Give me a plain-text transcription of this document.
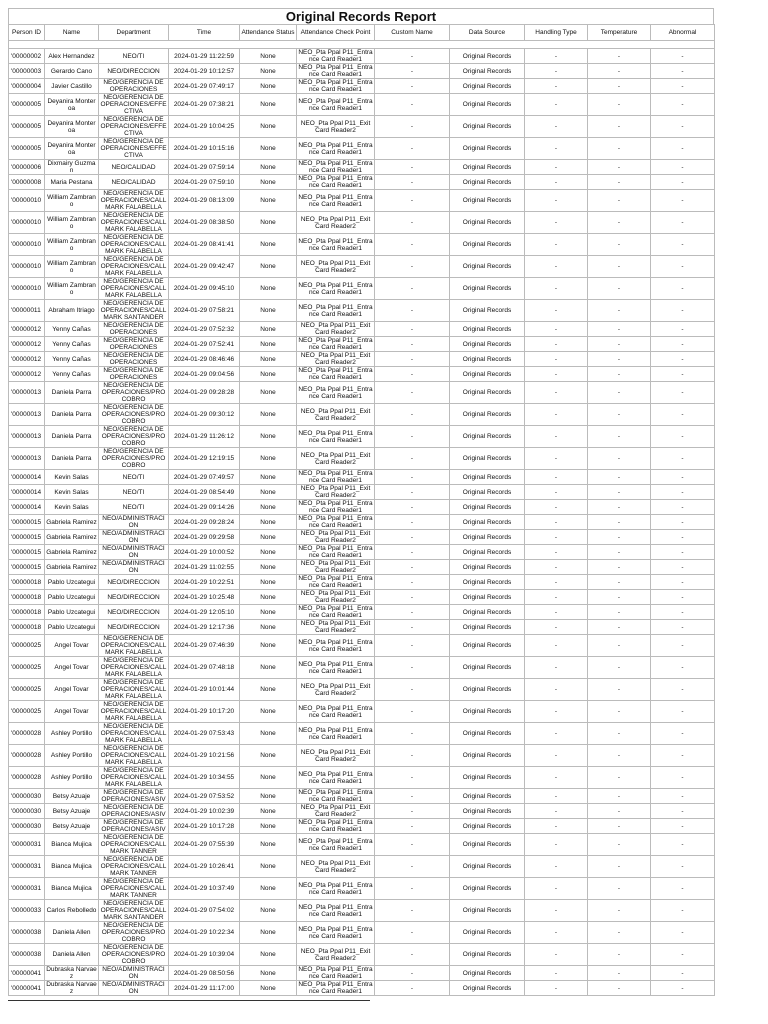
Original Records Report
Person ID	Name	Department	Time	Attendance Status	Attendance Check Point	Custom Name	Data Source	Handling Type	Temperature	Abnormal

'00000002	Alex Hernandez	NEO/TI	2024-01-29 11:22:59	None	NEO_Pta Ppal P11_Entrance Card Reader1	-	Original Records	-	-	-
'00000003	Gerardo Cano	NEO/DIRECCION	2024-01-29 10:12:57	None	NEO_Pta Ppal P11_Entrance Card Reader1	-	Original Records	-	-	-
'00000004	Javier Castillo	NEO/GERENCIA DE OPERACIONES	2024-01-29 07:49:17	None	NEO_Pta Ppal P11_Entrance Card Reader1	-	Original Records	-	-	-
'00000005	Deyanira Monteroa	NEO/GERENCIA DE OPERACIONES/EFFECTIVA	2024-01-29 07:38:21	None	NEO_Pta Ppal P11_Entrance Card Reader1	-	Original Records	-	-	-
'00000005	Deyanira Monteroa	NEO/GERENCIA DE OPERACIONES/EFFECTIVA	2024-01-29 10:04:25	None	NEO_Pta Ppal P11_Exit Card Reader2	-	Original Records	-	-	-
'00000005	Deyanira Monteroa	NEO/GERENCIA DE OPERACIONES/EFFECTIVA	2024-01-29 10:15:16	None	NEO_Pta Ppal P11_Entrance Card Reader1	-	Original Records	-	-	-
'00000006	Dixmairy Guzman	NEO/CALIDAD	2024-01-29 07:59:14	None	NEO_Pta Ppal P11_Entrance Card Reader1	-	Original Records	-	-	-
'00000008	Maria Pestana	NEO/CALIDAD	2024-01-29 07:59:10	None	NEO_Pta Ppal P11_Entrance Card Reader1	-	Original Records	-	-	-
'00000010	William Zambrano	NEO/GERENCIA DE OPERACIONES/CALLMARK FALABELLA	2024-01-29 08:13:09	None	NEO_Pta Ppal P11_Entrance Card Reader1	-	Original Records	-	-	-
'00000010	William Zambrano	NEO/GERENCIA DE OPERACIONES/CALLMARK FALABELLA	2024-01-29 08:38:50	None	NEO_Pta Ppal P11_Exit Card Reader2	-	Original Records	-	-	-
'00000010	William Zambrano	NEO/GERENCIA DE OPERACIONES/CALLMARK FALABELLA	2024-01-29 08:41:41	None	NEO_Pta Ppal P11_Entrance Card Reader1	-	Original Records	-	-	-
'00000010	William Zambrano	NEO/GERENCIA DE OPERACIONES/CALLMARK FALABELLA	2024-01-29 09:42:47	None	NEO_Pta Ppal P11_Exit Card Reader2	-	Original Records	-	-	-
'00000010	William Zambrano	NEO/GERENCIA DE OPERACIONES/CALLMARK FALABELLA	2024-01-29 09:45:10	None	NEO_Pta Ppal P11_Entrance Card Reader1	-	Original Records	-	-	-
'00000011	Abraham Itriago	NEO/GERENCIA DE OPERACIONES/CALLMARK SANTANDER	2024-01-29 07:58:21	None	NEO_Pta Ppal P11_Entrance Card Reader1	-	Original Records	-	-	-
'00000012	Yenny Cañas	NEO/GERENCIA DE OPERACIONES	2024-01-29 07:52:32	None	NEO_Pta Ppal P11_Exit Card Reader2	-	Original Records	-	-	-
'00000012	Yenny Cañas	NEO/GERENCIA DE OPERACIONES	2024-01-29 07:52:41	None	NEO_Pta Ppal P11_Entrance Card Reader1	-	Original Records	-	-	-
'00000012	Yenny Cañas	NEO/GERENCIA DE OPERACIONES	2024-01-29 08:46:46	None	NEO_Pta Ppal P11_Exit Card Reader2	-	Original Records	-	-	-
'00000012	Yenny Cañas	NEO/GERENCIA DE OPERACIONES	2024-01-29 09:04:56	None	NEO_Pta Ppal P11_Entrance Card Reader1	-	Original Records	-	-	-
'00000013	Daniela Parra	NEO/GERENCIA DE OPERACIONES/PROCOBRO	2024-01-29 09:28:28	None	NEO_Pta Ppal P11_Entrance Card Reader1	-	Original Records	-	-	-
'00000013	Daniela Parra	NEO/GERENCIA DE OPERACIONES/PROCOBRO	2024-01-29 09:30:12	None	NEO_Pta Ppal P11_Exit Card Reader2	-	Original Records	-	-	-
'00000013	Daniela Parra	NEO/GERENCIA DE OPERACIONES/PROCOBRO	2024-01-29 11:26:12	None	NEO_Pta Ppal P11_Entrance Card Reader1	-	Original Records	-	-	-
'00000013	Daniela Parra	NEO/GERENCIA DE OPERACIONES/PROCOBRO	2024-01-29 12:19:15	None	NEO_Pta Ppal P11_Exit Card Reader2	-	Original Records	-	-	-
'00000014	Kevin Salas	NEO/TI	2024-01-29 07:49:57	None	NEO_Pta Ppal P11_Entrance Card Reader1	-	Original Records	-	-	-
'00000014	Kevin Salas	NEO/TI	2024-01-29 08:54:49	None	NEO_Pta Ppal P11_Exit Card Reader2	-	Original Records	-	-	-
'00000014	Kevin Salas	NEO/TI	2024-01-29 09:14:26	None	NEO_Pta Ppal P11_Entrance Card Reader1	-	Original Records	-	-	-
'00000015	Gabriela Ramirez	NEO/ADMINISTRACION	2024-01-29 09:28:24	None	NEO_Pta Ppal P11_Entrance Card Reader1	-	Original Records	-	-	-
'00000015	Gabriela Ramirez	NEO/ADMINISTRACION	2024-01-29 09:29:58	None	NEO_Pta Ppal P11_Exit Card Reader2	-	Original Records	-	-	-
'00000015	Gabriela Ramirez	NEO/ADMINISTRACION	2024-01-29 10:00:52	None	NEO_Pta Ppal P11_Entrance Card Reader1	-	Original Records	-	-	-
'00000015	Gabriela Ramirez	NEO/ADMINISTRACION	2024-01-29 11:02:55	None	NEO_Pta Ppal P11_Exit Card Reader2	-	Original Records	-	-	-
'00000018	Pablo Uzcategui	NEO/DIRECCION	2024-01-29 10:22:51	None	NEO_Pta Ppal P11_Entrance Card Reader1	-	Original Records	-	-	-
'00000018	Pablo Uzcategui	NEO/DIRECCION	2024-01-29 10:25:48	None	NEO_Pta Ppal P11_Exit Card Reader2	-	Original Records	-	-	-
'00000018	Pablo Uzcategui	NEO/DIRECCION	2024-01-29 12:05:10	None	NEO_Pta Ppal P11_Entrance Card Reader1	-	Original Records	-	-	-
'00000018	Pablo Uzcategui	NEO/DIRECCION	2024-01-29 12:17:36	None	NEO_Pta Ppal P11_Exit Card Reader2	-	Original Records	-	-	-
'00000025	Angel Tovar	NEO/GERENCIA DE OPERACIONES/CALLMARK FALABELLA	2024-01-29 07:46:39	None	NEO_Pta Ppal P11_Entrance Card Reader1	-	Original Records	-	-	-
'00000025	Angel Tovar	NEO/GERENCIA DE OPERACIONES/CALLMARK FALABELLA	2024-01-29 07:48:18	None	NEO_Pta Ppal P11_Entrance Card Reader1	-	Original Records	-	-	-
'00000025	Angel Tovar	NEO/GERENCIA DE OPERACIONES/CALLMARK FALABELLA	2024-01-29 10:01:44	None	NEO_Pta Ppal P11_Exit Card Reader2	-	Original Records	-	-	-
'00000025	Angel Tovar	NEO/GERENCIA DE OPERACIONES/CALLMARK FALABELLA	2024-01-29 10:17:20	None	NEO_Pta Ppal P11_Entrance Card Reader1	-	Original Records	-	-	-
'00000028	Ashley Portillo	NEO/GERENCIA DE OPERACIONES/CALLMARK FALABELLA	2024-01-29 07:53:43	None	NEO_Pta Ppal P11_Entrance Card Reader1	-	Original Records	-	-	-
'00000028	Ashley Portillo	NEO/GERENCIA DE OPERACIONES/CALLMARK FALABELLA	2024-01-29 10:21:56	None	NEO_Pta Ppal P11_Exit Card Reader2	-	Original Records	-	-	-
'00000028	Ashley Portillo	NEO/GERENCIA DE OPERACIONES/CALLMARK FALABELLA	2024-01-29 10:34:55	None	NEO_Pta Ppal P11_Entrance Card Reader1	-	Original Records	-	-	-
'00000030	Betsy Azuaje	NEO/GERENCIA DE OPERACIONES/ASIV	2024-01-29 07:53:52	None	NEO_Pta Ppal P11_Entrance Card Reader1	-	Original Records	-	-	-
'00000030	Betsy Azuaje	NEO/GERENCIA DE OPERACIONES/ASIV	2024-01-29 10:02:39	None	NEO_Pta Ppal P11_Exit Card Reader2	-	Original Records	-	-	-
'00000030	Betsy Azuaje	NEO/GERENCIA DE OPERACIONES/ASIV	2024-01-29 10:17:28	None	NEO_Pta Ppal P11_Entrance Card Reader1	-	Original Records	-	-	-
'00000031	Bianca Mujica	NEO/GERENCIA DE OPERACIONES/CALLMARK TANNER	2024-01-29 07:55:39	None	NEO_Pta Ppal P11_Entrance Card Reader1	-	Original Records	-	-	-
'00000031	Bianca Mujica	NEO/GERENCIA DE OPERACIONES/CALLMARK TANNER	2024-01-29 10:26:41	None	NEO_Pta Ppal P11_Exit Card Reader2	-	Original Records	-	-	-
'00000031	Bianca Mujica	NEO/GERENCIA DE OPERACIONES/CALLMARK TANNER	2024-01-29 10:37:49	None	NEO_Pta Ppal P11_Entrance Card Reader1	-	Original Records	-	-	-
'00000033	Carlos Rebolledo	NEO/GERENCIA DE OPERACIONES/CALLMARK SANTANDER	2024-01-29 07:54:02	None	NEO_Pta Ppal P11_Entrance Card Reader1	-	Original Records	-	-	-
'00000038	Daniela Allen	NEO/GERENCIA DE OPERACIONES/PROCOBRO	2024-01-29 10:22:34	None	NEO_Pta Ppal P11_Entrance Card Reader1	-	Original Records	-	-	-
'00000038	Daniela Allen	NEO/GERENCIA DE OPERACIONES/PROCOBRO	2024-01-29 10:39:04	None	NEO_Pta Ppal P11_Exit Card Reader2	-	Original Records	-	-	-
'00000041	Dubraska Narvaez	NEO/ADMINISTRACION	2024-01-29 08:50:56	None	NEO_Pta Ppal P11_Entrance Card Reader1	-	Original Records	-	-	-
'00000041	Dubraska Narvaez	NEO/ADMINISTRACION	2024-01-29 11:17:00	None	NEO_Pta Ppal P11_Entrance Card Reader1	-	Original Records	-	-	-
